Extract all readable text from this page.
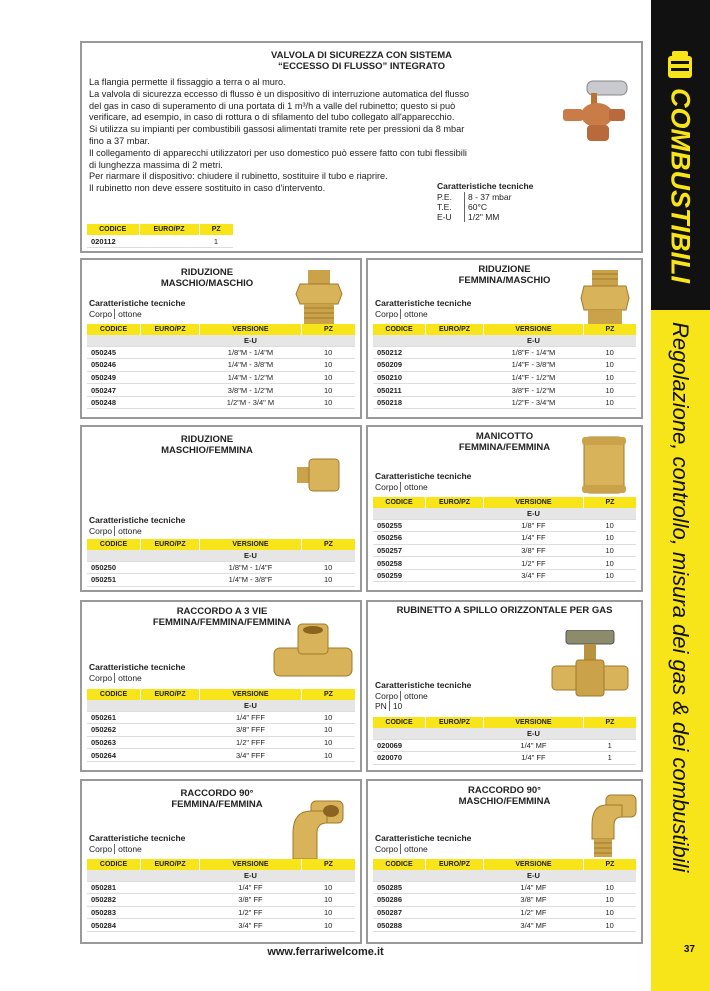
COMBUSTIBILI
Regolazione, controllo, misura dei gas & dei combustibili
37
www.ferrariwelcome.it
VALVOLA DI SICUREZZA CON SISTEMA
“ECCESSO DI FLUSSO” INTEGRATO
La flangia permette il fissaggio a terra o al muro.
La valvola di sicurezza eccesso di flusso è un dispositivo di interruzione automatica del flusso
del gas in caso di superamento di una portata di 1 m³/h a valle del rubinetto; questo si può
verificare, ad esempio, in caso di rottura o di sfilamento del tubo collegato all'apparecchio.
Si utilizza su impianti per combustibili gassosi alimentati tramite rete per pressioni da 8 mbar
fino a 37 mbar.
Il collegamento di apparecchi utilizzatori per uso domestico può essere fatto con tubi flessibili
di lunghezza massima di 2 metri.
Per riarmare il dispositivo: chiudere il rubinetto, sostituire il tubo e riaprire.
Il rubinetto non deve essere sostituito in caso d'intervento.	Caratteristiche tecniche
P.E. 8 - 37 mbar
T.E. 60°C
E-U 1/2" MM
CODICE	EURO/PZ	PZ
020112		1
RIDUZIONE
MASCHIO/MASCHIO
Caratteristiche tecniche
Corpo ottone
CODICE	EURO/PZ	VERSIONE	PZ
		E-U	
050245		1/8"M - 1/4"M	10
050246		1/4"M - 3/8"M	10
050249		1/4"M - 1/2"M	10
050247		3/8"M - 1/2"M	10
050248		1/2"M - 3/4" M	10
RIDUZIONE
FEMMINA/MASCHIO
Caratteristiche tecniche
Corpo ottone
CODICE	EURO/PZ	VERSIONE	PZ
		E-U	
050212		1/8"F - 1/4"M	10
050209		1/4"F - 3/8"M	10
050210		1/4"F - 1/2"M	10
050211		3/8"F - 1/2"M	10
050218		1/2"F - 3/4"M	10
RIDUZIONE
MASCHIO/FEMMINA
Caratteristiche tecniche
Corpo ottone
CODICE	EURO/PZ	VERSIONE	PZ
		E-U	
050250		1/8"M - 1/4"F	10
050251		1/4"M - 3/8"F	10
MANICOTTO
FEMMINA/FEMMINA
Caratteristiche tecniche
Corpo ottone
CODICE	EURO/PZ	VERSIONE	PZ
		E-U	
050255		1/8" FF	10
050256		1/4" FF	10
050257		3/8" FF	10
050258		1/2" FF	10
050259		3/4" FF	10
RACCORDO A 3 VIE
FEMMINA/FEMMINA/FEMMINA
Caratteristiche tecniche
Corpo ottone
CODICE	EURO/PZ	VERSIONE	PZ
		E-U	
050261		1/4" FFF	10
050262		3/8" FFF	10
050263		1/2" FFF	10
050264		3/4" FFF	10
RUBINETTO A SPILLO ORIZZONTALE PER GAS
Caratteristiche tecniche
Corpo ottone
PN 10
CODICE	EURO/PZ	VERSIONE	PZ
		E-U	
020069		1/4" MF	1
020070		1/4" FF	1
RACCORDO 90°
FEMMINA/FEMMINA
Caratteristiche tecniche
Corpo ottone
CODICE	EURO/PZ	VERSIONE	PZ
		E-U	
050281		1/4" FF	10
050282		3/8" FF	10
050283		1/2" FF	10
050284		3/4" FF	10
RACCORDO 90°
MASCHIO/FEMMINA
Caratteristiche tecniche
Corpo ottone
CODICE	EURO/PZ	VERSIONE	PZ
		E-U	
050285		1/4" MF	10
050286		3/8" MF	10
050287		1/2" MF	10
050288		3/4" MF	10
